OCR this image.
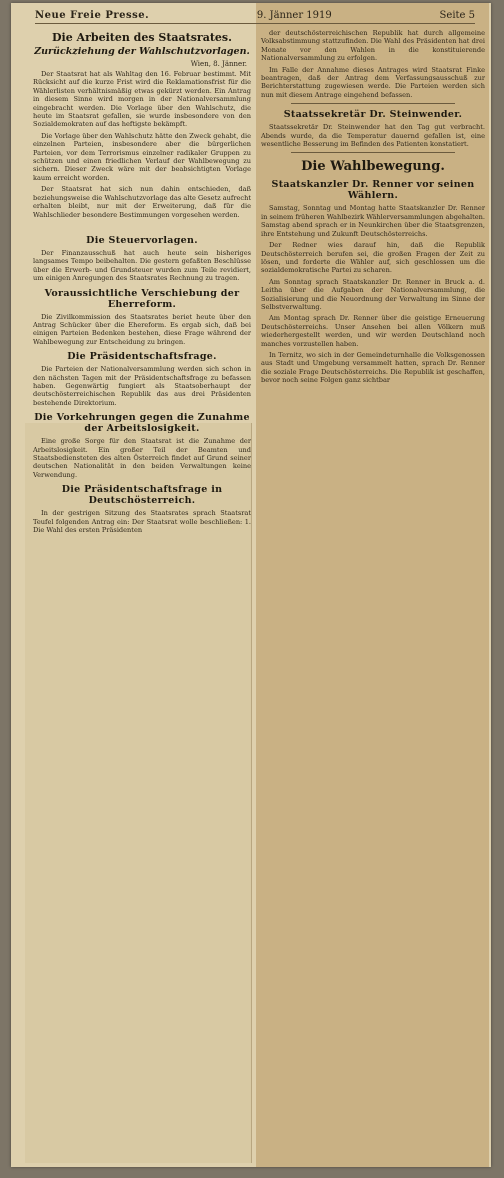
Neue Freie Presse.	9. Jänner 1919	Seite 5
Die Arbeiten des Staatsrates.
Zurückziehung der Wahlschutzvorlagen.
Wien, 8. Jänner.

Der Staatsrat hat als Wahltag den 16. Februar bestimmt. Mit Rücksicht auf die kurze Frist wird die Reklamationsfrist für die Wählerlisten verhältnismäßig etwas gekürzt werden. Ein Antrag in diesem Sinne wird morgen in der Nationalversammlung eingebracht werden. Die Vorlage über den Wahlschutz, die heute im Staatsrat gefallen, sie wurde insbesondere von den Sozialdemokraten auf das heftigste bekämpft.

Die Vorlage über den Wahlschutz hätte den Zweck gehabt, die einzelnen Parteien, insbesondere aber die bürgerlichen Parteien, vor dem Terrorismus einzelner radikaler Gruppen zu schützen und einen friedlichen Verlauf der Wahlbewegung zu sichern. Dieser Zweck wäre mit der beabsichtigten Vorlage kaum erreicht worden.

Der Staatsrat hat sich nun dahin entschieden, daß beziehungsweise die Wahlschutzvorlage das alte Gesetz aufrecht erhalten bleibt, nur mit der Erweiterung, daß für die Wahlschlieder besondere Bestimmungen vorgesehen werden.

Die Steuervorlagen.

Der Finanzausschuß hat auch heute sein bisheriges langsames Tempo beibehalten. Die gestern gefaßten Beschlüsse über die Erwerb- und Grundsteuer wurden zum Teile revidiert, um einigen Anregungen des Staatsrates Rechnung zu tragen.

Voraussichtliche Verschiebung der Eherreform.

Die Zivilkommission des Staatsrates beriet heute über den Antrag Schücker über die Ehereform. Es ergab sich, daß bei einigen Parteien Bedenken bestehen, diese Frage während der Wahlbewegung zur Entscheidung zu bringen.

Die Präsidentschaftsfrage.

Die Parteien der Nationalversammlung werden sich schon in den nächsten Tagen mit der Präsidentschaftsfrage zu befassen haben. Gegenwärtig fungiert als Staatsoberhaupt der deutschösterreichischen Republik das aus drei Präsidenten bestehende Direktorium.

Die Vorkehrungen gegen die Zunahme der Arbeitslosigkeit.

Eine große Sorge für den Staatsrat ist die Zunahme der Arbeitslosigkeit. Ein großer Teil der Beamten und Staatsbediensteten des alten Österreich findet auf Grund seiner deutschen Nationalität in den beiden Verwaltungen keine Verwendung.

Die Präsidentschaftsfrage in Deutschösterreich.

In der gestrigen Sitzung des Staatsrates sprach Staatsrat Teufel folgenden Antrag ein: Der Staatsrat wolle beschließen: 1. Die Wahl des ersten Präsidenten

der deutschösterreichischen Republik hat durch allgemeine Volksabstimmung stattzufinden. Die Wahl des Präsidenten hat drei Monate vor den Wahlen in die konstituierende Nationalversammlung zu erfolgen.

Im Falle der Annahme dieses Antrages wird Staatsrat Finke beantragen, daß der Antrag dem Verfassungsausschuß zur Berichterstattung zugewiesen werde. Die Parteien werden sich nun mit diesem Antrage eingehend befassen.

Staatssekretär Dr. Steinwender.

Staatssekretär Dr. Steinwender hat den Tag gut verbracht. Abends wurde, da die Temperatur dauernd gefallen ist, eine wesentliche Besserung im Befinden des Patienten konstatiert.

Die Wahlbewegung.
Staatskanzler Dr. Renner vor seinen Wählern.

Samstag, Sonntag und Montag hatte Staatskanzler Dr. Renner in seinem früheren Wahlbezirk Wählerversammlungen abgehalten. Samstag abend sprach er in Neunkirchen über die Staatsgrenzen, ihre Entstehung und Zukunft Deutschösterreichs.

Der Redner wies darauf hin, daß die Republik Deutschösterreich berufen sei, die großen Fragen der Zeit zu lösen, und forderte die Wähler auf, sich geschlossen um die sozialdemokratische Partei zu scharen.

Am Sonntag sprach Staatskanzler Dr. Renner in Bruck a. d. Leitha über die Aufgaben der Nationalversammlung, die Sozialisierung und die Neuordnung der Verwaltung im Sinne der Selbstverwaltung.

Am Montag sprach Dr. Renner über die geistige Erneuerung Deutschösterreichs. Unser Ansehen bei allen Völkern muß wiederhergestellt werden, und wir werden Deutschland noch manches vorzustellen haben.

In Ternitz, wo sich in der Gemeindeturnhalle die Volksgenossen aus Stadt und Umgebung versammelt hatten, sprach Dr. Renner die soziale Frage Deutschösterreichs. Die Republik ist geschaffen, bevor noch seine Folgen ganz sichtbar
